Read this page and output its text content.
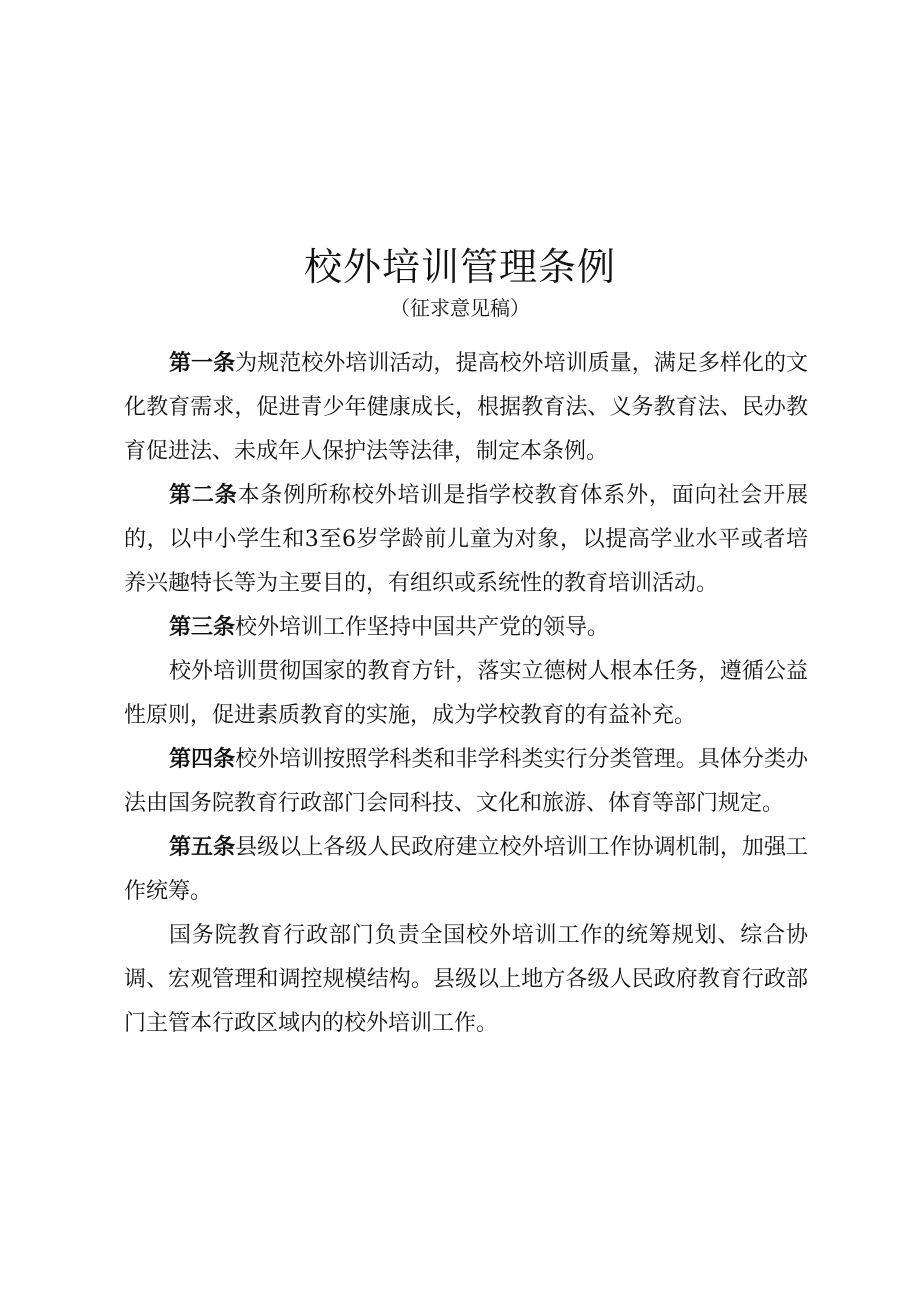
校外培训管理条例
（征求意见稿）

第一条为规范校外培训活动，提高校外培训质量，满足多样化的文化教育需求，促进青少年健康成长，根据教育法、义务教育法、民办教育促进法、未成年人保护法等法律，制定本条例。

第二条本条例所称校外培训是指学校教育体系外，面向社会开展的，以中小学生和3至6岁学龄前儿童为对象，以提高学业水平或者培养兴趣特长等为主要目的，有组织或系统性的教育培训活动。

第三条校外培训工作坚持中国共产党的领导。

校外培训贯彻国家的教育方针，落实立德树人根本任务，遵循公益性原则，促进素质教育的实施，成为学校教育的有益补充。

第四条校外培训按照学科类和非学科类实行分类管理。具体分类办法由国务院教育行政部门会同科技、文化和旅游、体育等部门规定。

第五条县级以上各级人民政府建立校外培训工作协调机制，加强工作统筹。

国务院教育行政部门负责全国校外培训工作的统筹规划、综合协调、宏观管理和调控规模结构。县级以上地方各级人民政府教育行政部门主管本行政区域内的校外培训工作。
